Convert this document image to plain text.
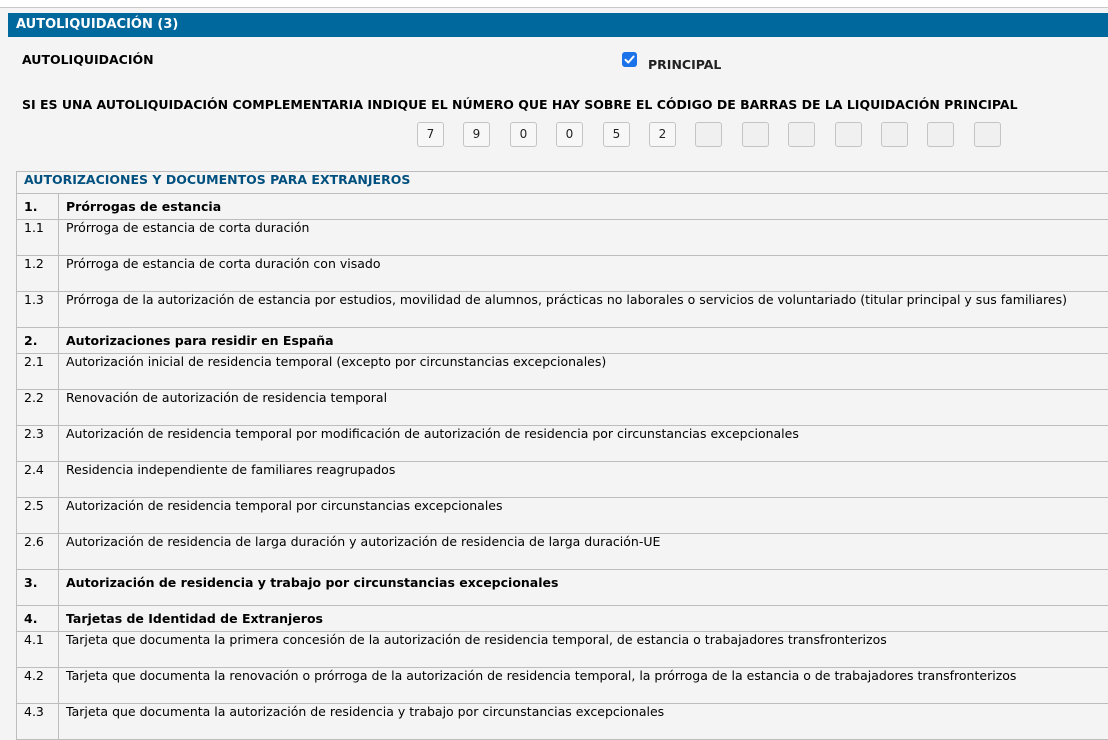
AUTOLIQUIDACIÓN (3)
AUTOLIQUIDACIÓN	PRINCIPAL
SI ES UNA AUTOLIQUIDACIÓN COMPLEMENTARIA INDIQUE EL NÚMERO QUE HAY SOBRE EL CÓDIGO DE BARRAS DE LA LIQUIDACIÓN PRINCIPAL
7	9	0	0	5	2
AUTORIZACIONES Y DOCUMENTOS PARA EXTRANJEROS	
1.	Prórrogas de estancia
1.1	Prórroga de estancia de corta duración
1.2	Prórroga de estancia de corta duración con visado
1.3	Prórroga de la autorización de estancia por estudios, movilidad de alumnos, prácticas no laborales o servicios de voluntariado (titular principal y sus familiares)
2.	Autorizaciones para residir en España
2.1	Autorización inicial de residencia temporal (excepto por circunstancias excepcionales)
2.2	Renovación de autorización de residencia temporal
2.3	Autorización de residencia temporal por modificación de autorización de residencia por circunstancias excepcionales
2.4	Residencia independiente de familiares reagrupados
2.5	Autorización de residencia temporal por circunstancias excepcionales
2.6	Autorización de residencia de larga duración y autorización de residencia de larga duración-UE
3.	Autorización de residencia y trabajo por circunstancias excepcionales
4.	Tarjetas de Identidad de Extranjeros
4.1	Tarjeta que documenta la primera concesión de la autorización de residencia temporal, de estancia o trabajadores transfronterizos
4.2	Tarjeta que documenta la renovación o prórroga de la autorización de residencia temporal, la prórroga de la estancia o de trabajadores transfronterizos
4.3	Tarjeta que documenta la autorización de residencia y trabajo por circunstancias excepcionales
